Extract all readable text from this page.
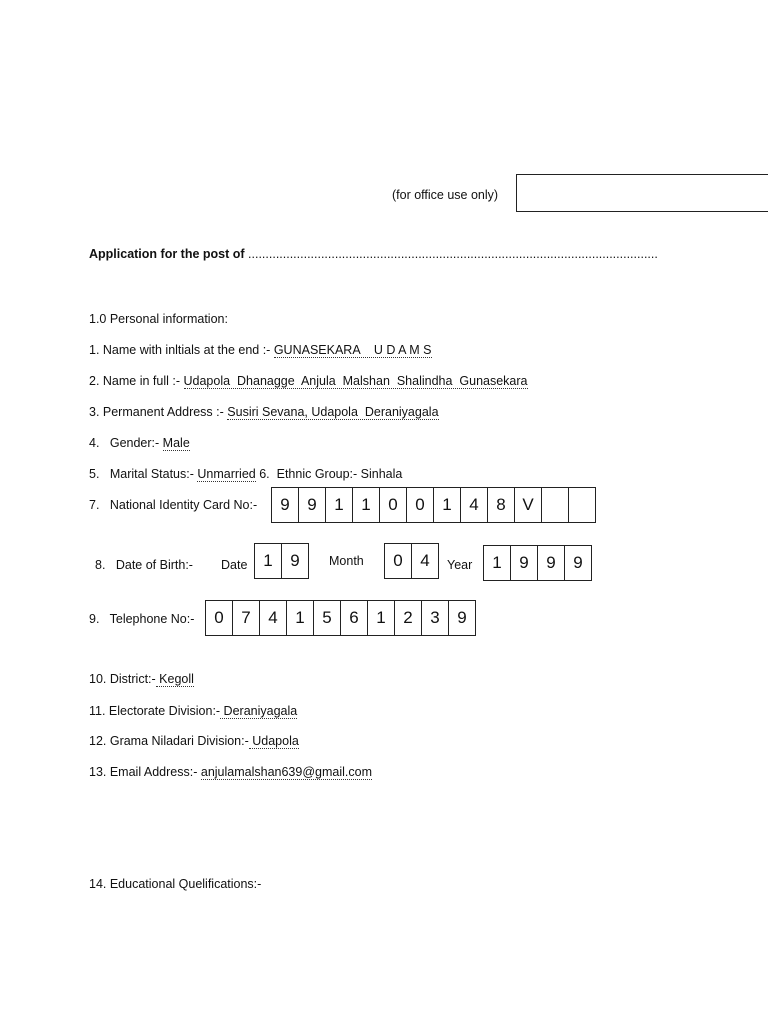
(for office use only)
Application for the post of ......................................................................................................................
1.0 Personal information:
1. Name with inltials at the end :- GUNASEKARA    U D A M S
2. Name in full :- Udapola  Dhanagge  Anjula  Malshan  Shalindha  Gunasekara
3. Permanent Address :- Susiri Sevana, Udapola  Deraniyagala
4.   Gender:- Male
5.   Marital Status:- Unmarried 6.  Ethnic Group:- Sinhala
7.   National Identity Card No:-	9	9	1	1	0	0	1	4	8 V
8.   Date of Birth:- Date 1	9	Month	0	4	Year	1	9	9	9
9.   Telephone No:-	0	7	4	1	5	6	1	2	3	9
10. District:- Kegoll
11. Electorate Division:- Deraniyagala
12. Grama Niladari Division:- Udapola
13. Email Address:- anjulamalshan639@gmail.com
14. Educational Quelifications:-
